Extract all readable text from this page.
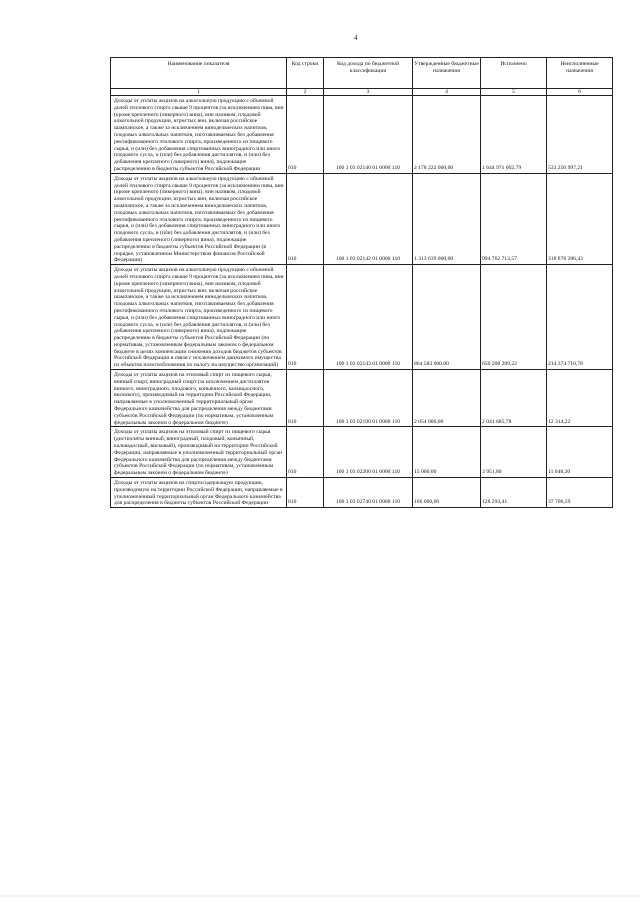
4
Наименование показателя	Код строки	Код дохода по бюджетной классификации	Утвержденные бюджетные назначения	Исполнено	Неисполненные назначения
1	2	3	4	5	6
Доходы от уплаты акцизов на алкогольную продукцию с объемной долей этилового спирта свыше 9 процентов (за исключением пива, вин (кроме крепленого (ликерного) вина), вин наливом, плодовой алкогольной продукции, игристых вин, включая российское шампанское, а также за исключением винодельческих напитков, плодовых алкогольных напитков, изготавливаемых без добавления ректификованного этилового спирта, произведенного из пищевого сырья, и (или) без добавления спиртованных виноградного или иного плодового сусла, и (или) без добавления дистиллятов, и (или) без добавления крепленого (ликерного) вина), подлежащие распределению в бюджеты субъектов Российской Федерации	010	100 1 03 02140 01 0000 110	2 178 222 000,00	1 644 971 002,79	533 250 997,21
Доходы от уплаты акцизов на алкогольную продукцию с объемной долей этилового спирта свыше 9 процентов (за исключением пива, вин (кроме крепленого (ликерного) вина), вин наливом, плодовой алкогольной продукции, игристых вин, включая российское шампанское, а также за исключением винодельческих напитков, плодовых алкогольных напитков, изготавливаемых без добавления ректификованного этилового спирта, произведенного из пищевого сырья, и (или) без добавления спиртованных виноградного или иного плодового сусла, и (или) без добавления дистиллятов, и (или) без добавления крепленого (ликерного) вина), подлежащие распределению в бюджеты субъектов Российской Федерации (в порядке, установленном Министерством финансов Российской Федерации)	010	100 1 03 02142 01 0000 110	1 313 639 000,00	994 762 713,57	318 876 286,43
Доходы от уплаты акцизов на алкогольную продукцию с объемной долей этилового спирта свыше 9 процентов (за исключением пива, вин (кроме крепленого (ликерного) вина), вин наливом, плодовой алкогольной продукции, игристых вин, включая российское шампанское, а также за исключением винодельческих напитков, плодовых алкогольных напитков, изготавливаемых без добавления ректификованного этилового спирта, произведенного из пищевого сырья, и (или) без добавления спиртованных виноградного или иного плодового сусла, и (или) без добавления дистиллятов, и (или) без добавления крепленого (ликерного) вина), подлежащие распределению в бюджеты субъектов Российской Федерации (по нормативам, установленным федеральным законом о федеральном бюджете в целях компенсации снижения доходов бюджетов субъектов Российской Федерации в связи с исключением движимого имущества из объектов налогообложения по налогу на имущество организаций)	010	100 1 03 02143 01 0000 110	864 583 000,00	650 208 289,22	214 374 710,78
Доходы от уплаты акцизов на этиловый спирт из пищевого сырья, винный спирт, виноградный спирт (за исключением дистиллятов винного, виноградного, плодового, коньячного, кальвадосного, вискового), производимый на территории Российской Федерации, направляемые в уполномоченный территориальный орган Федерального казначейства для распределения между бюджетами субъектов Российской Федерации (по нормативам, установленным федеральным законом о федеральном бюджете)	010	100 1 03 02190 01 0000 110	2 054 000,00	2 041 685,78	12 314,22
Доходы от уплаты акцизов на этиловый спирт из пищевого сырья (дистилляты винный, виноградный, плодовый, коньячный, кальвадосный, висковый), производимый на территории Российской Федерации, направляемые в уполномоченный территориальный орган Федерального казначейства для распределения между бюджетами субъектов Российской Федерации (по нормативам, установленным федеральным законом о федеральном бюджете)	010	100 1 03 02200 01 0000 110	15 000,00	3 951,80	11 048,20
Доходы от уплаты акцизов на спиртосодержащую продукцию, производимую на территории Российской Федерации, направляемые в уполномоченный территориальный орган Федерального казначейства для распределения в бюджеты субъектов Российской Федерации	010	100 1 03 02740 01 0000 110	166 000,00	128 293,41	37 706,59
